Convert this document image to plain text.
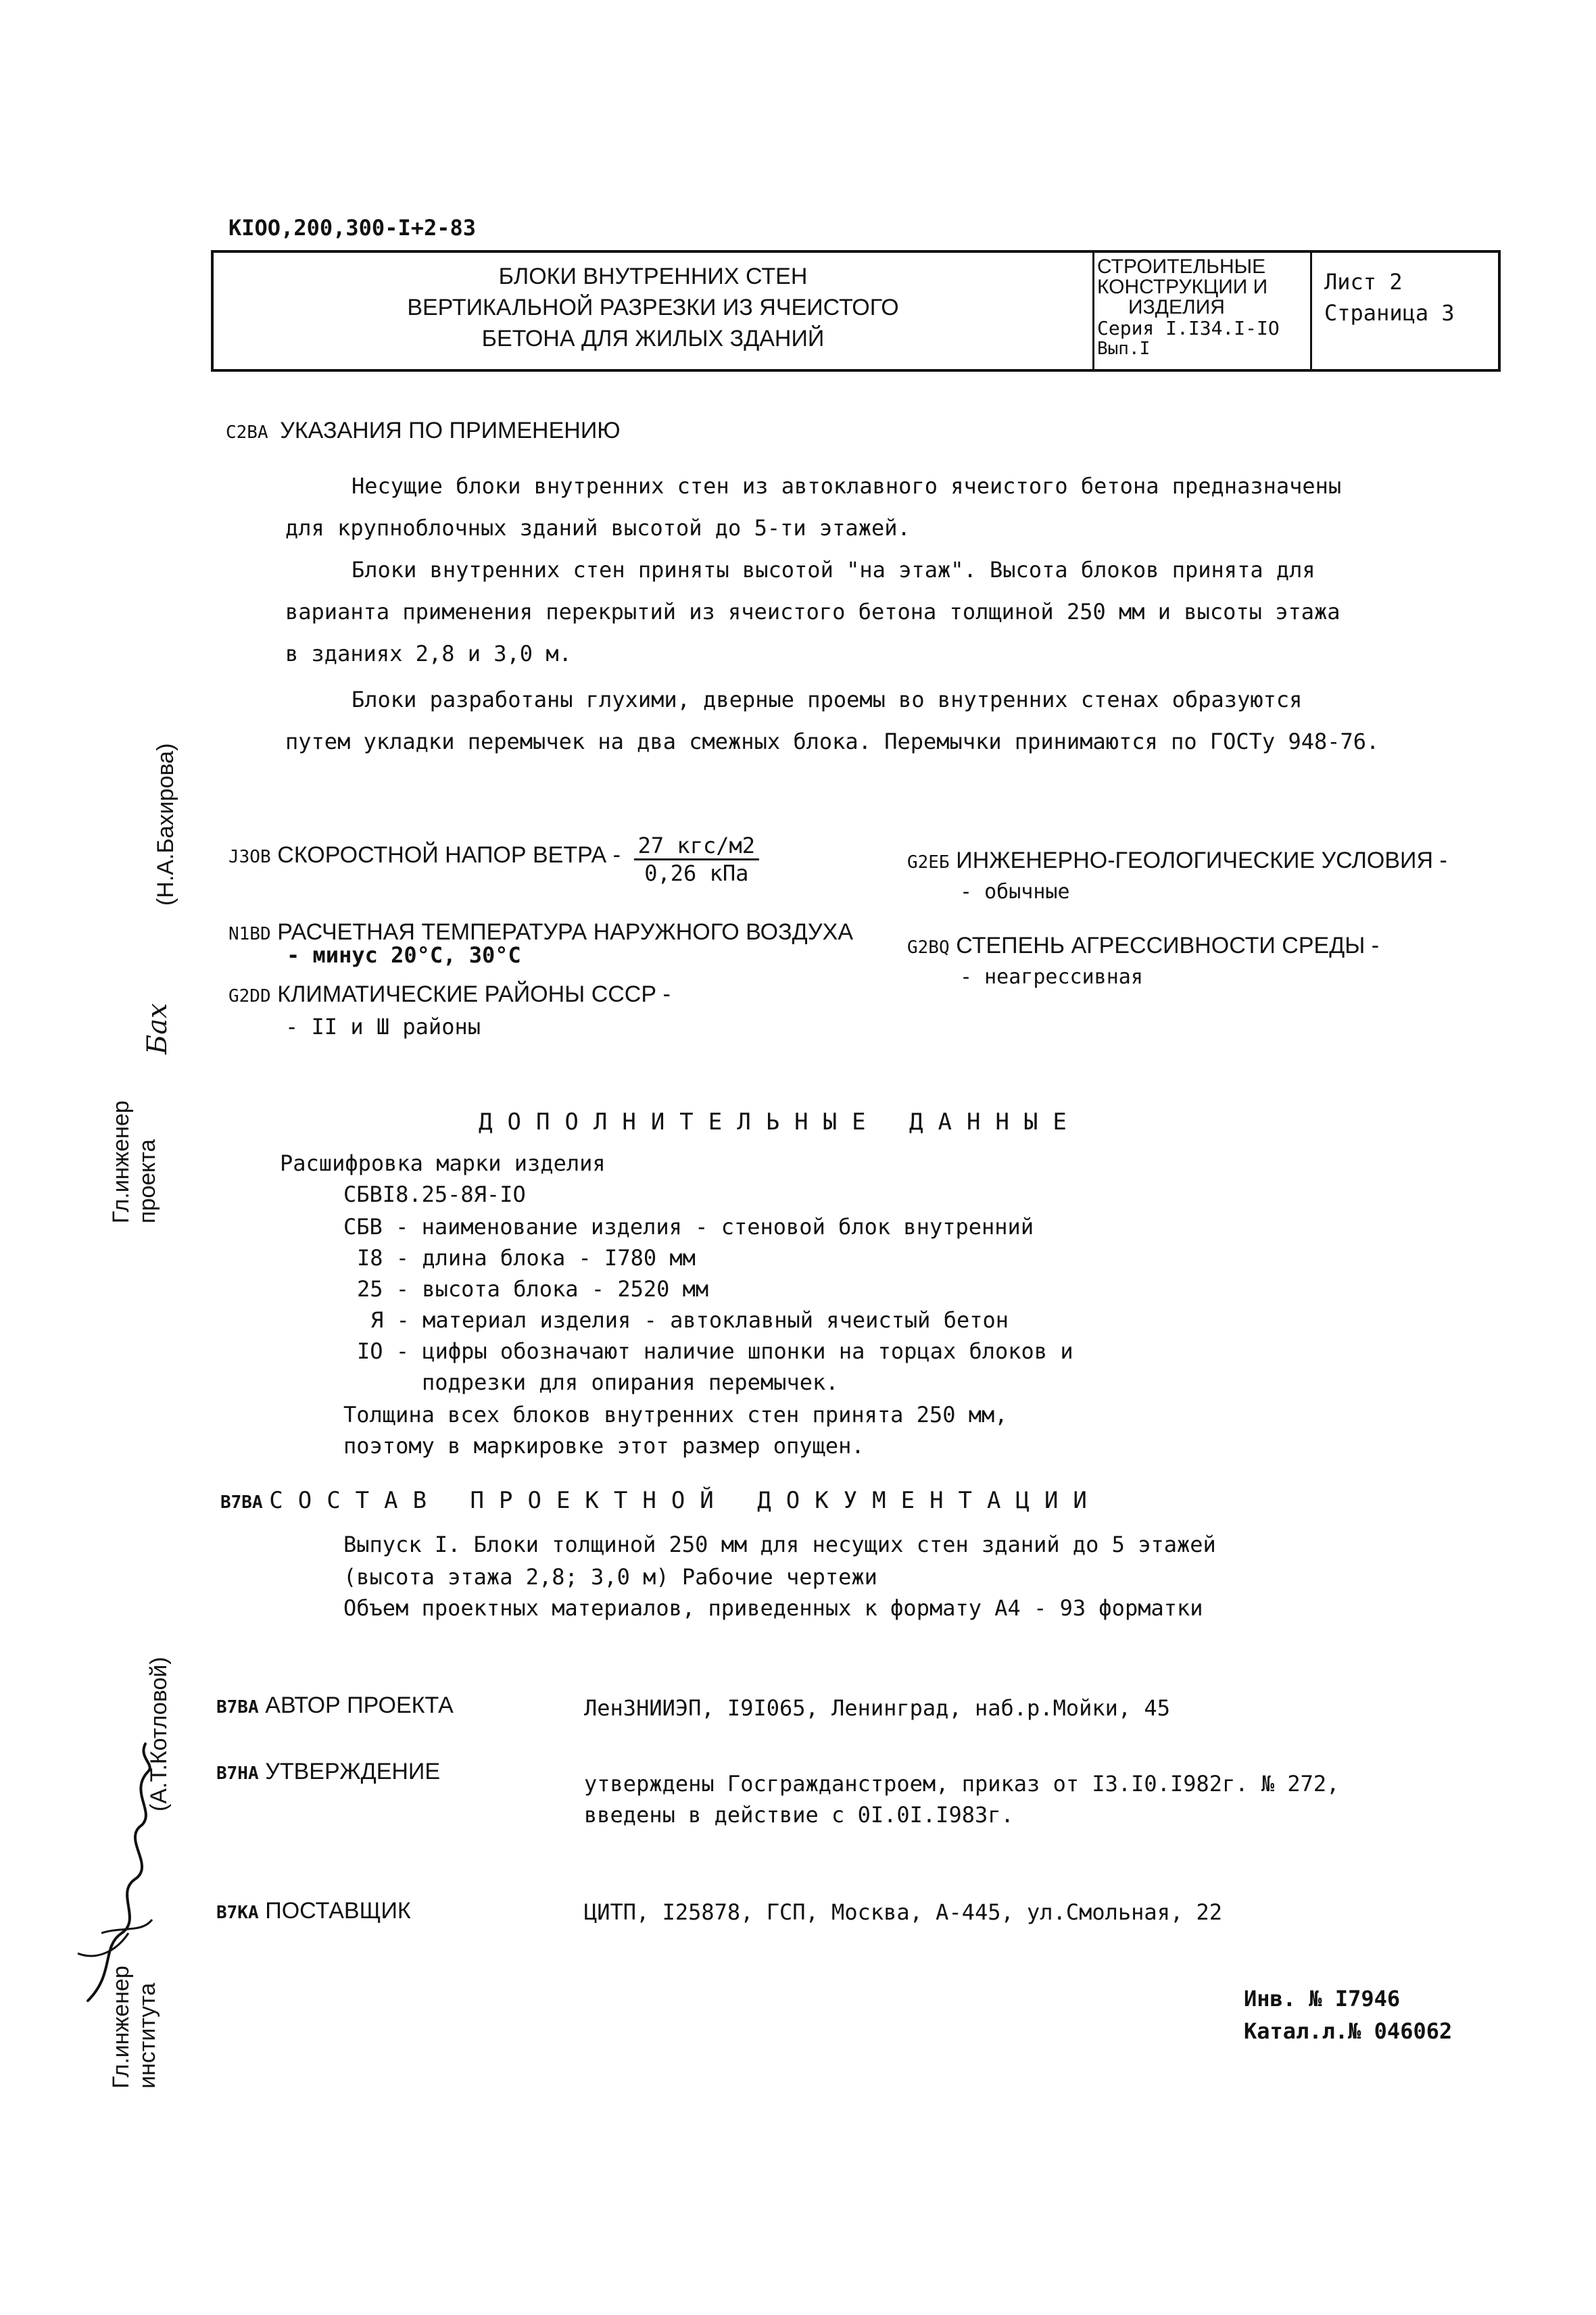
КIOO,200,300-I+2-83
БЛОКИ ВНУТРЕННИХ СТЕН
ВЕРТИКАЛЬНОЙ РАЗРЕЗКИ ИЗ ЯЧЕИСТОГО
БЕТОНА ДЛЯ ЖИЛЫХ ЗДАНИЙ
СТРОИТЕЛЬНЫЕ
КОНСТРУКЦИИ И
ИЗДЕЛИЯ
Серия I.I34.I-IO
Вып.I
Лист 2
Страница 3
С2ВА УКАЗАНИЯ ПО ПРИМЕНЕНИЮ
Несущие блоки внутренних стен из автоклавного ячеистого бетона предназначены
для крупноблочных зданий высотой до 5-ти этажей.
Блоки внутренних стен приняты высотой "на этаж". Высота блоков принята для
варианта применения перекрытий из ячеистого бетона толщиной 250 мм и высоты этажа
в зданиях 2,8 и 3,0 м.
Блоки разработаны глухими, дверные проемы во внутренних стенах образуются
путем укладки перемычек на два смежных блока. Перемычки принимаются по ГОСТу 948-76.
J3ОВ СКОРОСТНОЙ НАПОР ВЕТРА - $\frac{\text{27 кгс/м2}}{\text{0,26 кПа}}$
N1ВD РАСЧЕТНАЯ ТЕМПЕРАТУРА НАРУЖНОГО ВОЗДУХА
- минус 20°С, 30°С
G2DD КЛИМАТИЧЕСКИЕ РАЙОНЫ СССР -
- II и Ш районы
G2ЕБ ИНЖЕНЕРНО-ГЕОЛОГИЧЕСКИЕ УСЛОВИЯ -
- обычные
G2BQ СТЕПЕНЬ АГРЕССИВНОСТИ СРЕДЫ -
- неагрессивная
ДОПОЛНИТЕЛЬНЫЕ ДАННЫЕ
Расшифровка марки изделия
СБВI8.25-8Я-IO
СБВ - наименование изделия - стеновой блок внутренний
I8 - длина блока - I780 мм
25 - высота блока - 2520 мм
Я - материал изделия - автоклавный ячеистый бетон
IO - цифры обозначают наличие шпонки на торцах блоков и
подрезки для опирания перемычек.
Толщина всех блоков внутренних стен принята 250 мм,
поэтому в маркировке этот размер опущен.
В7ВА СОСТАВ ПРОЕКТНОЙ ДОКУМЕНТАЦИИ
Выпуск I. Блоки толщиной 250 мм для несущих стен зданий до 5 этажей
(высота этажа 2,8; 3,0 м) Рабочие чертежи
Объем проектных материалов, приведенных к формату А4 - 93 форматки
В7ВА АВТОР ПРОЕКТА	ЛенЗНИИЭП, I9I065, Ленинград, наб.р.Мойки, 45
В7НА УТВЕРЖДЕНИЕ	утверждены Госгражданстроем, приказ от I3.I0.I982г. № 272,
введены в действие с 0I.0I.I983г.
В7КА ПОСТАВЩИК	ЦИТП, I25878, ГСП, Москва, А-445, ул.Смольная, 22
Инв. № I7946
Катал.л.№ 046062
Гл.инженер проекта
Бах
(Н.А.Бахирова)
Гл.инженер института
(А.Т.Котловой)
